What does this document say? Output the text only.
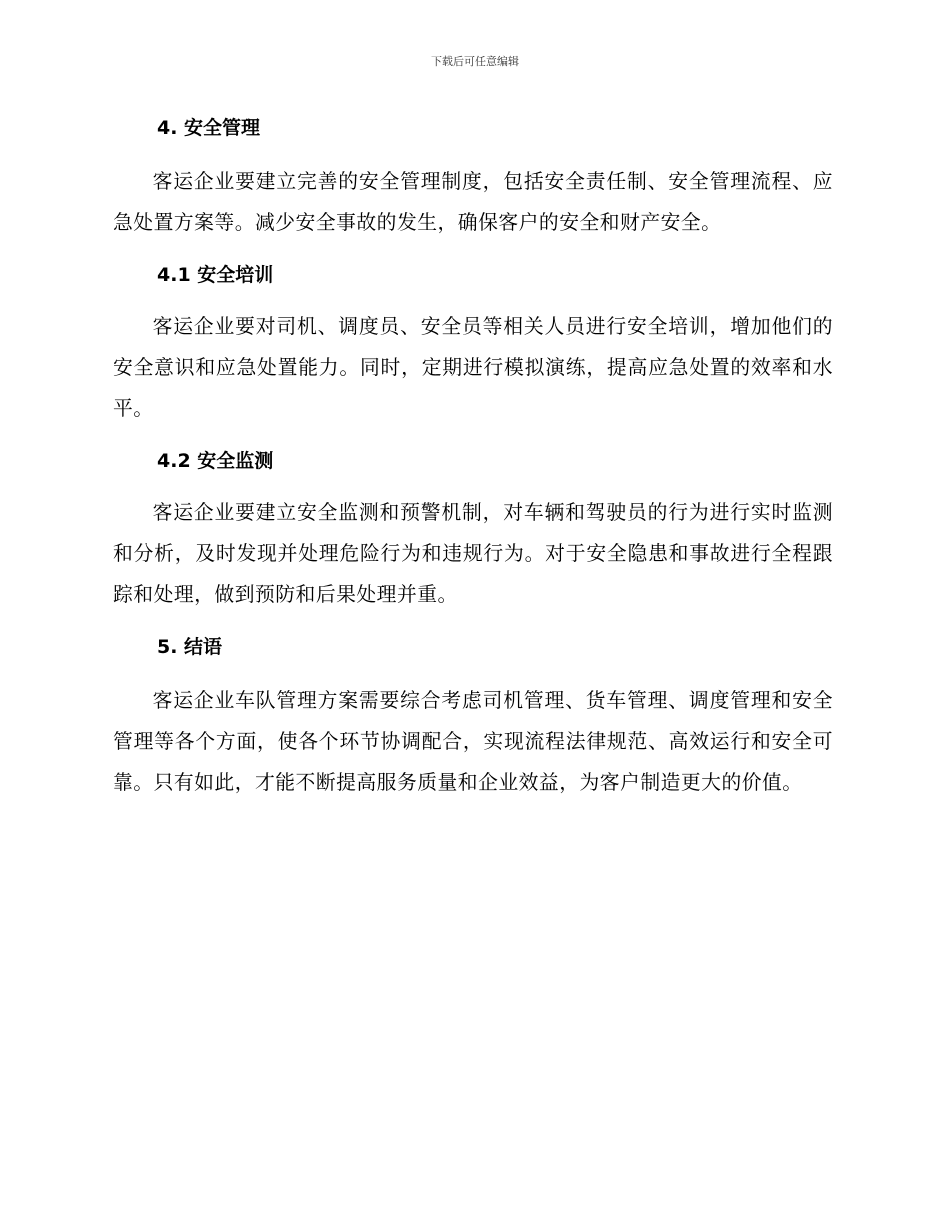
下载后可任意编辑
4. 安全管理

客运企业要建立完善的安全管理制度，包括安全责任制、安全管理流程、应急处置方案等。减少安全事故的发生，确保客户的安全和财产安全。

4.1 安全培训

客运企业要对司机、调度员、安全员等相关人员进行安全培训，增加他们的安全意识和应急处置能力。同时，定期进行模拟演练，提高应急处置的效率和水平。

4.2 安全监测

客运企业要建立安全监测和预警机制，对车辆和驾驶员的行为进行实时监测和分析，及时发现并处理危险行为和违规行为。对于安全隐患和事故进行全程跟踪和处理，做到预防和后果处理并重。

5. 结语

客运企业车队管理方案需要综合考虑司机管理、货车管理、调度管理和安全管理等各个方面，使各个环节协调配合，实现流程法律规范、高效运行和安全可靠。只有如此，才能不断提高服务质量和企业效益，为客户制造更大的价值。
